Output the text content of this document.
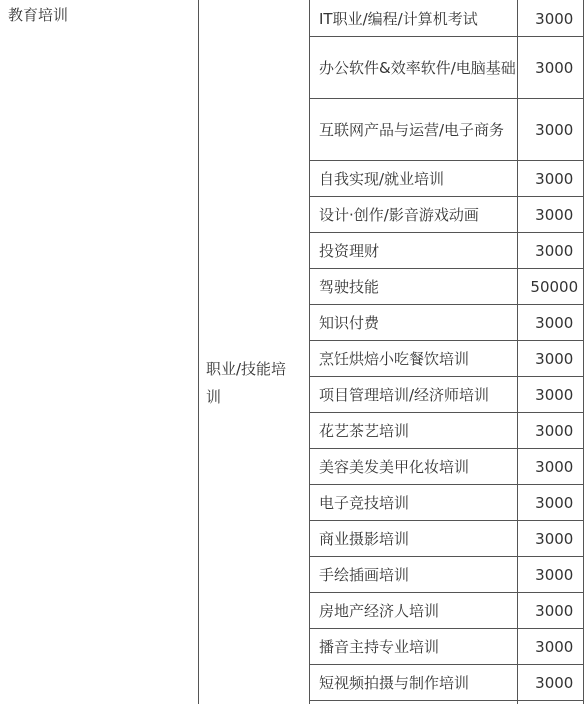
教育培训
职业/技能培训
IT职业/编程/计算机考试	3000
办公软件&效率软件/电脑基础	3000
互联网产品与运营/电子商务	3000
自我实现/就业培训	3000
设计·创作/影音游戏动画	3000
投资理财	3000
驾驶技能	50000
知识付费	3000
烹饪烘焙小吃餐饮培训	3000
项目管理培训/经济师培训	3000
花艺茶艺培训	3000
美容美发美甲化妆培训	3000
电子竞技培训	3000
商业摄影培训	3000
手绘插画培训	3000
房地产经济人培训	3000
播音主持专业培训	3000
短视频拍摄与制作培训	3000
